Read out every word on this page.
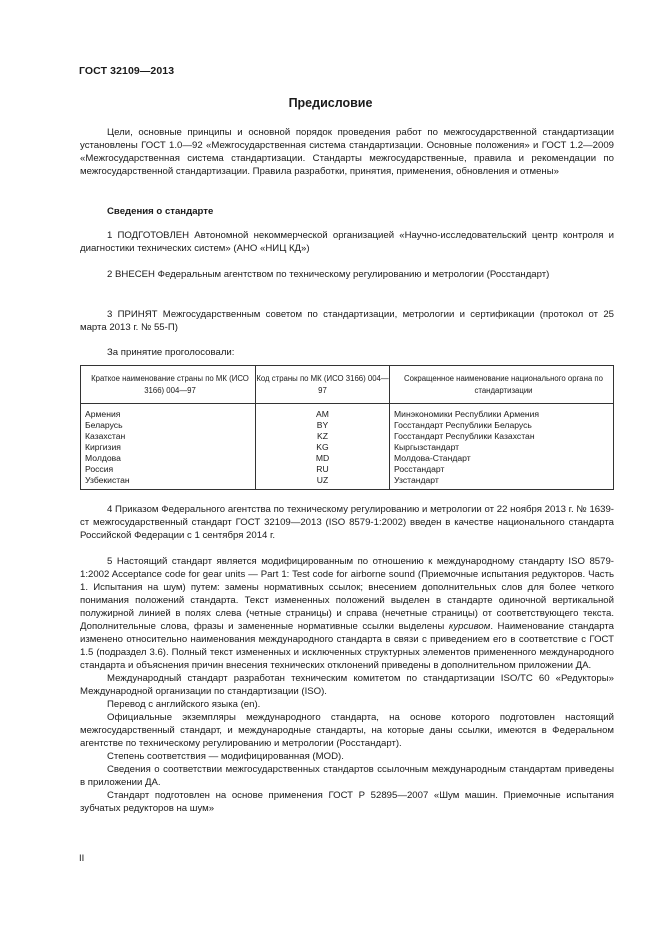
ГОСТ 32109—2013
Предисловие

Цели, основные принципы и основной порядок проведения работ по межгосударственной стандартизации установлены ГОСТ 1.0—92 «Межгосударственная система стандартизации. Основные положения» и ГОСТ 1.2—2009 «Межгосударственная система стандартизации. Стандарты межгосударственные, правила и рекомендации по межгосударственной стандартизации. Правила разработки, принятия, применения, обновления и отмены»

Сведения о стандарте

1 ПОДГОТОВЛЕН Автономной некоммерческой организацией «Научно-исследовательский центр контроля и диагностики технических систем» (АНО «НИЦ КД»)

2 ВНЕСЕН Федеральным агентством по техническому регулированию и метрологии (Росстандарт)

3 ПРИНЯТ Межгосударственным советом по стандартизации, метрологии и сертификации (протокол от 25 марта 2013 г. № 55-П)

За принятие проголосовали:

Краткое наименование страны по МК (ИСО 3166) 004—97	Код страны по МК (ИСО 3166) 004—97	Сокращенное наименование национального органа по стандартизации
Армения	AM	Минэкономики Республики Армения
Беларусь	BY	Госстандарт Республики Беларусь
Казахстан	KZ	Госстандарт Республики Казахстан
Киргизия	KG	Кыргызстандарт
Молдова	MD	Молдова-Стандарт
Россия	RU	Росстандарт
Узбекистан	UZ	Узстандарт

4 Приказом Федерального агентства по техническому регулированию и метрологии от 22 ноября 2013 г. № 1639-ст межгосударственный стандарт ГОСТ 32109—2013 (ISO 8579-1:2002) введен в качестве национального стандарта Российской Федерации с 1 сентября 2014 г.

5 Настоящий стандарт является модифицированным по отношению к международному стандарту ISO 8579-1:2002 Acceptance code for gear units — Part 1: Test code for airborne sound (Приемочные испытания редукторов. Часть 1. Испытания на шум) путем: замены нормативных ссылок; внесением дополнительных слов для более четкого понимания положений стандарта. Текст измененных положений выделен в стандарте одиночной вертикальной полужирной линией в полях слева (четные страницы) и справа (нечетные страницы) от соответствующего текста. Дополнительные слова, фразы и замененные нормативные ссылки выделены курсивом. Наименование стандарта изменено относительно наименования международного стандарта в связи с приведением его в соответствие с ГОСТ 1.5 (подраздел 3.6). Полный текст измененных и исключенных структурных элементов примененного международного стандарта и объяснения причин внесения технических отклонений приведены в дополнительном приложении ДА.

Международный стандарт разработан техническим комитетом по стандартизации ISO/TC 60 «Редукторы» Международной организации по стандартизации (ISO).

Перевод с английского языка (en).

Официальные экземпляры международного стандарта, на основе которого подготовлен настоящий межгосударственный стандарт, и международные стандарты, на которые даны ссылки, имеются в Федеральном агентстве по техническому регулированию и метрологии (Росстандарт).

Степень соответствия — модифицированная (MOD).

Сведения о соответствии межгосударственных стандартов ссылочным международным стандартам приведены в приложении ДА.

Стандарт подготовлен на основе применения ГОСТ Р 52895—2007 «Шум машин. Приемочные испытания зубчатых редукторов на шум»

II
